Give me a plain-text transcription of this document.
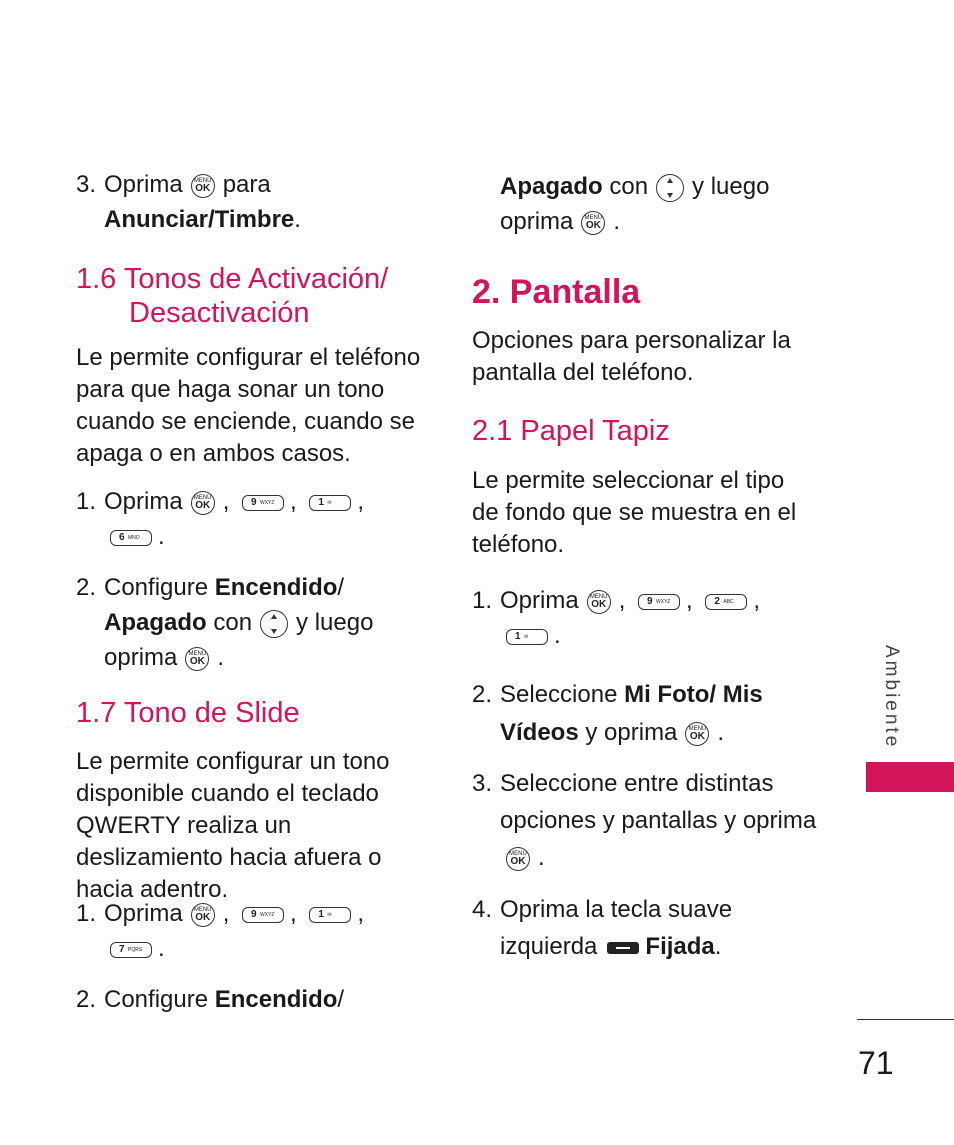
3. Oprima	MENU
OK para
Anunciar/Timbre.
1.6 Tonos de Activación/
Desactivación

Le permite configurar el teléfono para que haga sonar un tono cuando se enciende, cuando se apaga o en ambos casos.

1. Oprima	MENU
OK , 9 WXYZ , 1 ✉ ,

6 MNO .
2. Configure Encendido/
Apagado con y luego
oprima	MENU
OK .
1.7 Tono de Slide

Le permite configurar un tono disponible cuando el teclado QWERTY realiza un deslizamiento hacia afuera o hacia adentro.

1. Oprima	MENU
OK , 9 WXYZ , 1 ✉ ,

7 PQRS .
2. Configure Encendido/
Apagado con y luego
oprima	MENU
OK .
2. Pantalla

Opciones para personalizar la pantalla del teléfono.

2.1 Papel Tapiz

Le permite seleccionar el tipo de fondo que se muestra en el teléfono.

1. Oprima	MENU
OK , 9 WXYZ , 2 ABC ,

1 ✉ .
2. Seleccione Mi Foto/ Mis
Vídeos y oprima	MENU
OK .
3. Seleccione entre distintas
opciones y pantallas y oprima

MENU
OK .
4. Oprima la tecla suave
izquierda Fijada.
Ambiente
71
